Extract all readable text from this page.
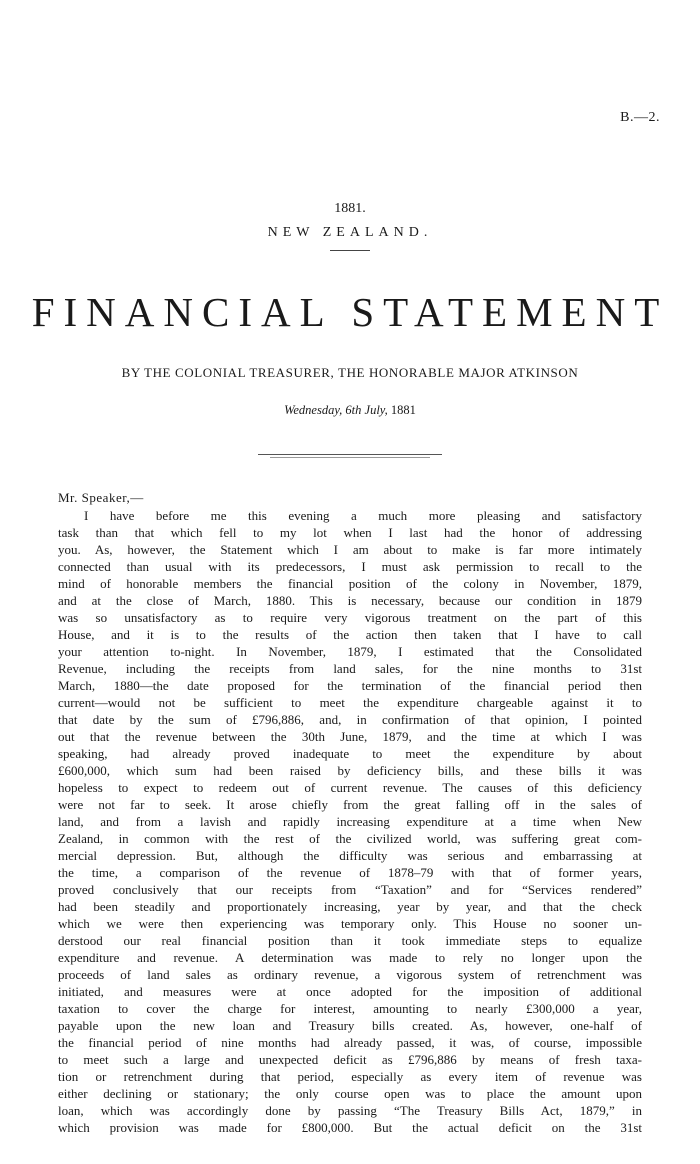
B.—2.
1881.
NEW ZEALAND.
FINANCIAL STATEMENT
BY THE COLONIAL TREASURER, THE HONORABLE MAJOR ATKINSON
Wednesday, 6th July, 1881
Mr. Speaker,—
I have before me this evening a much more pleasing and satisfactory
task than that which fell to my lot when I last had the honor of addressing
you. As, however, the Statement which I am about to make is far more intimately
connected than usual with its predecessors, I must ask permission to recall to the
mind of honorable members the financial position of the colony in November, 1879,
and at the close of March, 1880. This is necessary, because our condition in 1879
was so unsatisfactory as to require very vigorous treatment on the part of this
House, and it is to the results of the action then taken that I have to call
your attention to-night. In November, 1879, I estimated that the Consolidated
Revenue, including the receipts from land sales, for the nine months to 31st
March, 1880—the date proposed for the termination of the financial period then
current—would not be sufficient to meet the expenditure chargeable against it to
that date by the sum of £796,886, and, in confirmation of that opinion, I pointed
out that the revenue between the 30th June, 1879, and the time at which I was
speaking, had already proved inadequate to meet the expenditure by about
£600,000, which sum had been raised by deficiency bills, and these bills it was
hopeless to expect to redeem out of current revenue. The causes of this deficiency
were not far to seek. It arose chiefly from the great falling off in the sales of
land, and from a lavish and rapidly increasing expenditure at a time when New
Zealand, in common with the rest of the civilized world, was suffering great com-
mercial depression. But, although the difficulty was serious and embarrassing at
the time, a comparison of the revenue of 1878–79 with that of former years,
proved conclusively that our receipts from “Taxation” and for “Services rendered”
had been steadily and proportionately increasing, year by year, and that the check
which we were then experiencing was temporary only. This House no sooner un-
derstood our real financial position than it took immediate steps to equalize
expenditure and revenue. A determination was made to rely no longer upon the
proceeds of land sales as ordinary revenue, a vigorous system of retrenchment was
initiated, and measures were at once adopted for the imposition of additional
taxation to cover the charge for interest, amounting to nearly £300,000 a year,
payable upon the new loan and Treasury bills created. As, however, one-half of
the financial period of nine months had already passed, it was, of course, impossible
to meet such a large and unexpected deficit as £796,886 by means of fresh taxa-
tion or retrenchment during that period, especially as every item of revenue was
either declining or stationary; the only course open was to place the amount upon
loan, which was accordingly done by passing “The Treasury Bills Act, 1879,” in
which provision was made for £800,000. But the actual deficit on the 31st
